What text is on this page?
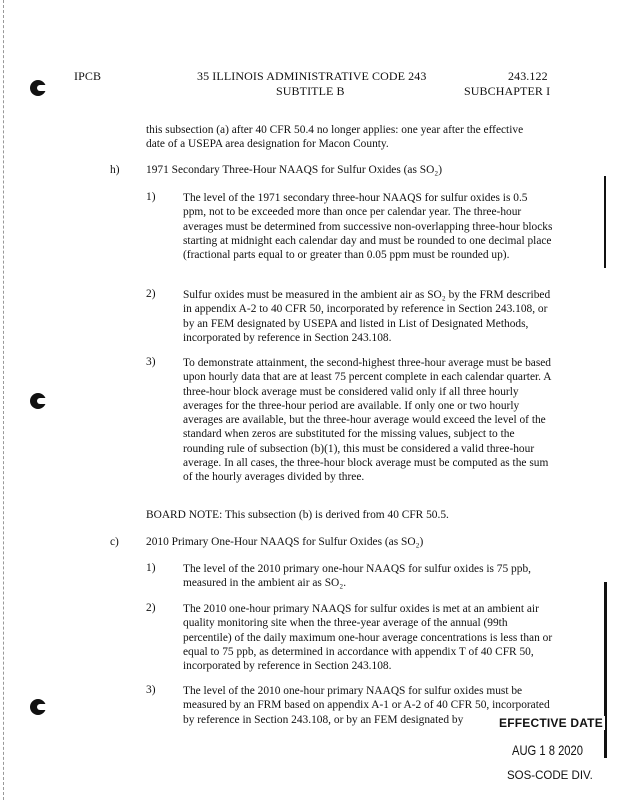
IPCB	35 ILLINOIS ADMINISTRATIVE CODE 243	243.122
SUBTITLE B	SUBCHAPTER I
this subsection (a) after 40 CFR 50.4 no longer applies: one year after the effective date of a USEPA area designation for Macon County.
h) 1971 Secondary Three-Hour NAAQS for Sulfur Oxides (as SO₂)
1) The level of the 1971 secondary three-hour NAAQS for sulfur oxides is 0.5 ppm, not to be exceeded more than once per calendar year. The three-hour averages must be determined from successive non-overlapping three-hour blocks starting at midnight each calendar day and must be rounded to one decimal place (fractional parts equal to or greater than 0.05 ppm must be rounded up).
2) Sulfur oxides must be measured in the ambient air as SO₂ by the FRM described in appendix A-2 to 40 CFR 50, incorporated by reference in Section 243.108, or by an FEM designated by USEPA and listed in List of Designated Methods, incorporated by reference in Section 243.108.
3) To demonstrate attainment, the second-highest three-hour average must be based upon hourly data that are at least 75 percent complete in each calendar quarter. A three-hour block average must be considered valid only if all three hourly averages for the three-hour period are available. If only one or two hourly averages are available, but the three-hour average would exceed the level of the standard when zeros are substituted for the missing values, subject to the rounding rule of subsection (b)(1), this must be considered a valid three-hour average. In all cases, the three-hour block average must be computed as the sum of the hourly averages divided by three.
BOARD NOTE: This subsection (b) is derived from 40 CFR 50.5.
c) 2010 Primary One-Hour NAAQS for Sulfur Oxides (as SO₂)
1) The level of the 2010 primary one-hour NAAQS for sulfur oxides is 75 ppb, measured in the ambient air as SO₂.
2) The 2010 one-hour primary NAAQS for sulfur oxides is met at an ambient air quality monitoring site when the three-year average of the annual (99th percentile) of the daily maximum one-hour average concentrations is less than or equal to 75 ppb, as determined in accordance with appendix T of 40 CFR 50, incorporated by reference in Section 243.108.
3) The level of the 2010 one-hour primary NAAQS for sulfur oxides must be measured by an FRM based on appendix A-1 or A-2 of 40 CFR 50, incorporated by reference in Section 243.108, or by an FEM designated by	EFFECTIVE DATE
AUG 1 8 2020
SOS-CODE DIV.
